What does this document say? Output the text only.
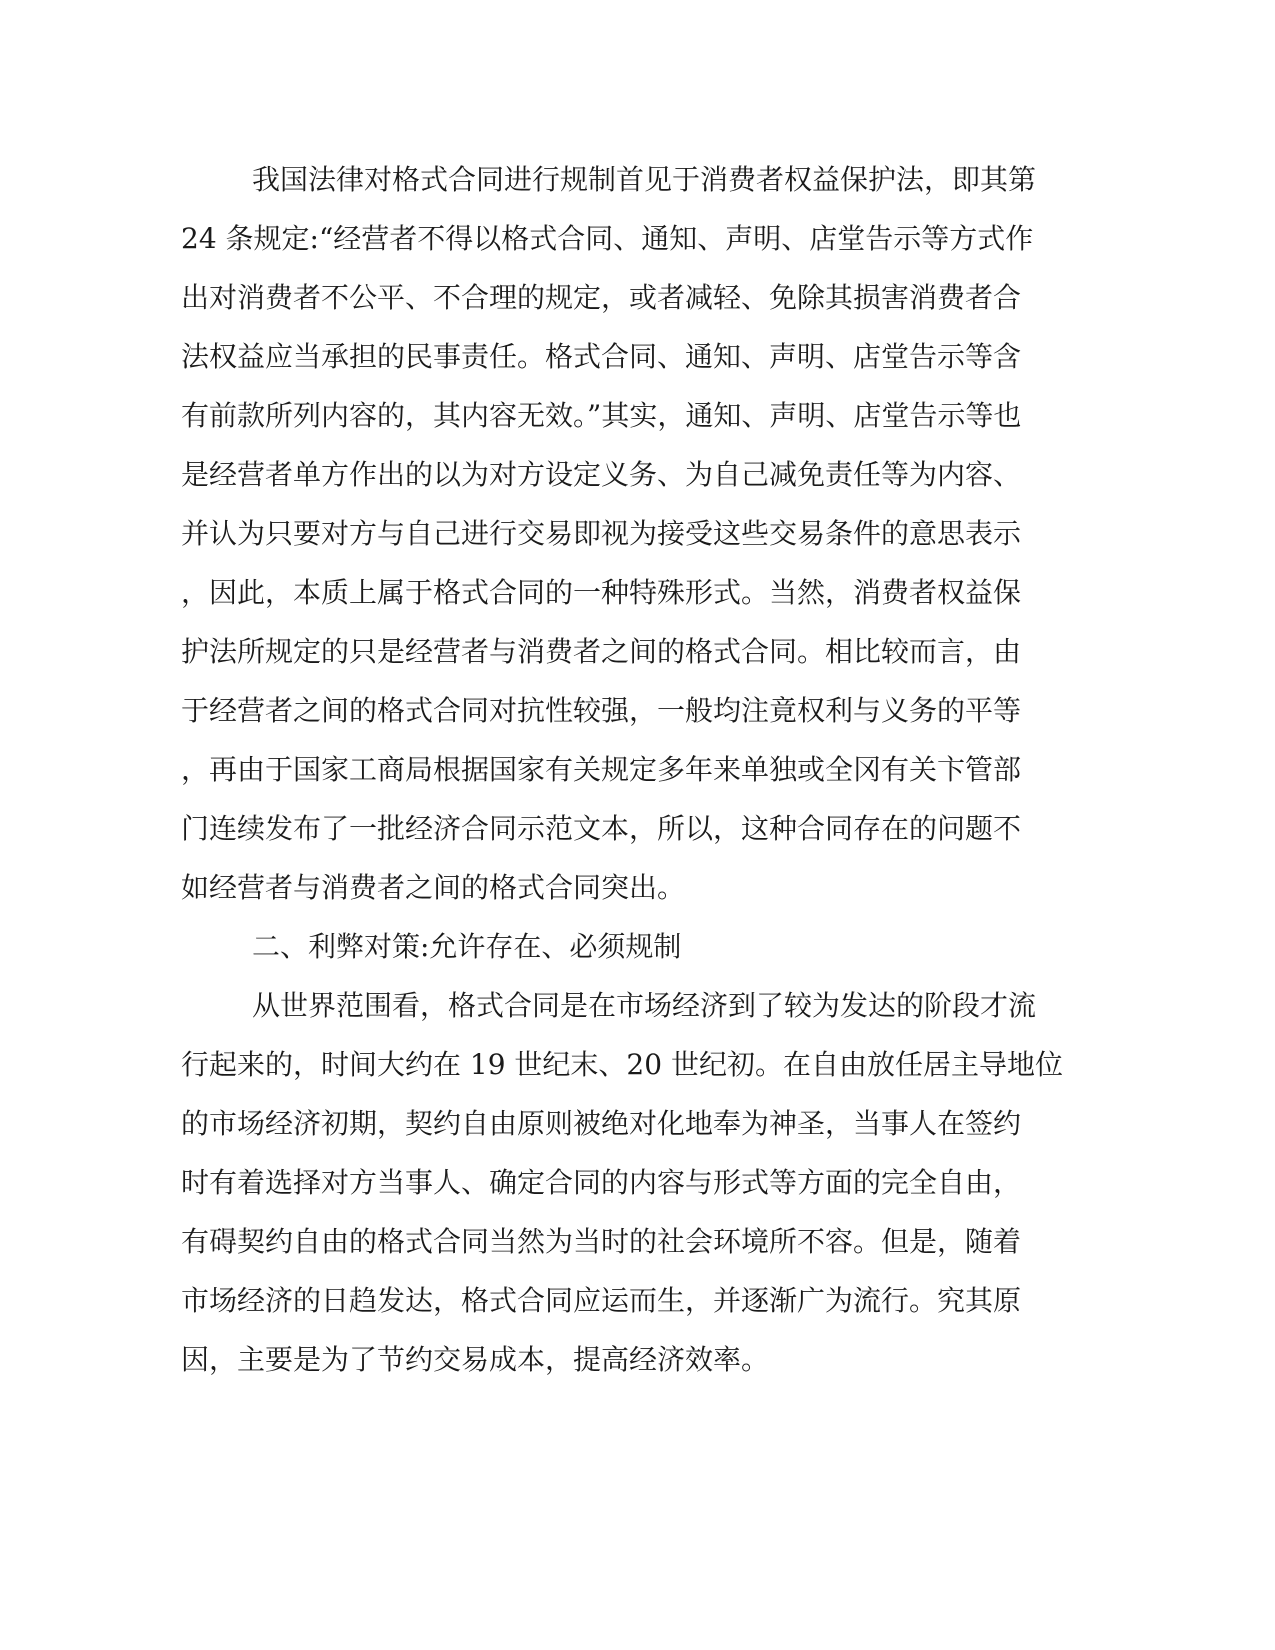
我国法律对格式合同进行规制首见于消费者权益保护法，即其第
24 条规定:“经营者不得以格式合同、通知、声明、店堂告示等方式作
出对消费者不公平、不合理的规定，或者减轻、免除其损害消费者合
法权益应当承担的民事责任。格式合同、通知、声明、店堂告示等含
有前款所列内容的，其内容无效。”其实，通知、声明、店堂告示等也
是经营者单方作出的以为对方设定义务、为自己减免责任等为内容、
并认为只要对方与自己进行交易即视为接受这些交易条件的意思表示
，因此，本质上属于格式合同的一种特殊形式。当然，消费者权益保
护法所规定的只是经营者与消费者之间的格式合同。相比较而言，由
于经营者之间的格式合同对抗性较强，一般均注竟权利与义务的平等
，再由于国家工商局根据国家有关规定多年来单独或全冈有关卞管部
门连续发布了一批经济合同示范文本，所以，这种合同存在的问题不
如经营者与消费者之间的格式合同突出。
二、利弊对策:允许存在、必须规制
从世界范围看，格式合同是在市场经济到了较为发达的阶段才流
行起来的，时间大约在 19 世纪末、20 世纪初。在自由放任居主导地位
的市场经济初期，契约自由原则被绝对化地奉为神圣，当事人在签约
时有着选择对方当事人、确定合同的内容与形式等方面的完全自由，
有碍契约自由的格式合同当然为当时的社会环境所不容。但是，随着
市场经济的日趋发达，格式合同应运而生，并逐渐广为流行。究其原
因，主要是为了节约交易成本，提高经济效率。
